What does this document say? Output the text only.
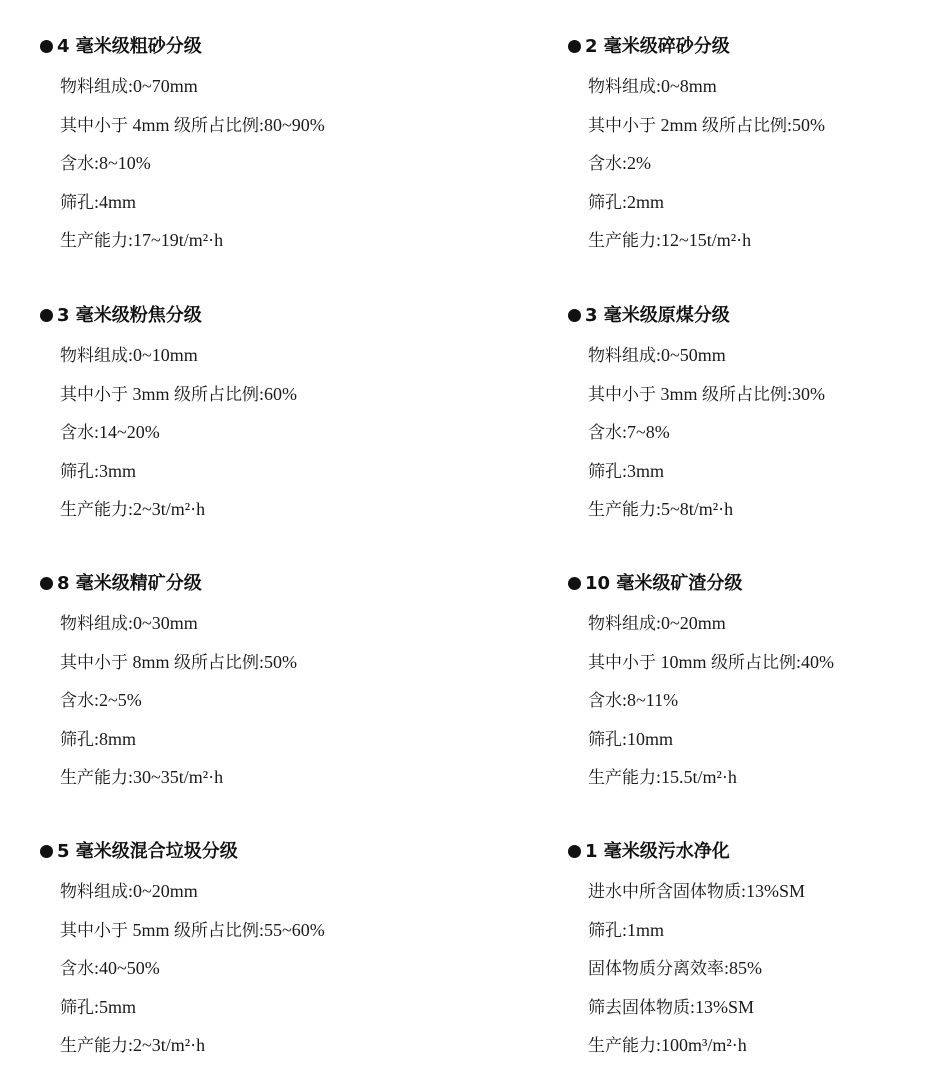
4 毫米级粗砂分级
物料组成:0~70mm
其中小于 4mm 级所占比例:80~90%
含水:8~10%
筛孔:4mm
生产能力:17~19t/m²·h
2 毫米级碎砂分级
物料组成:0~8mm
其中小于 2mm 级所占比例:50%
含水:2%
筛孔:2mm
生产能力:12~15t/m²·h
3 毫米级粉焦分级
物料组成:0~10mm
其中小于 3mm 级所占比例:60%
含水:14~20%
筛孔:3mm
生产能力:2~3t/m²·h
3 毫米级原煤分级
物料组成:0~50mm
其中小于 3mm 级所占比例:30%
含水:7~8%
筛孔:3mm
生产能力:5~8t/m²·h
8 毫米级精矿分级
物料组成:0~30mm
其中小于 8mm 级所占比例:50%
含水:2~5%
筛孔:8mm
生产能力:30~35t/m²·h
10 毫米级矿渣分级
物料组成:0~20mm
其中小于 10mm 级所占比例:40%
含水:8~11%
筛孔:10mm
生产能力:15.5t/m²·h
5 毫米级混合垃圾分级
物料组成:0~20mm
其中小于 5mm 级所占比例:55~60%
含水:40~50%
筛孔:5mm
生产能力:2~3t/m²·h
1 毫米级污水净化
进水中所含固体物质:13%SM
筛孔:1mm
固体物质分离效率:85%
筛去固体物质:13%SM
生产能力:100m³/m²·h
